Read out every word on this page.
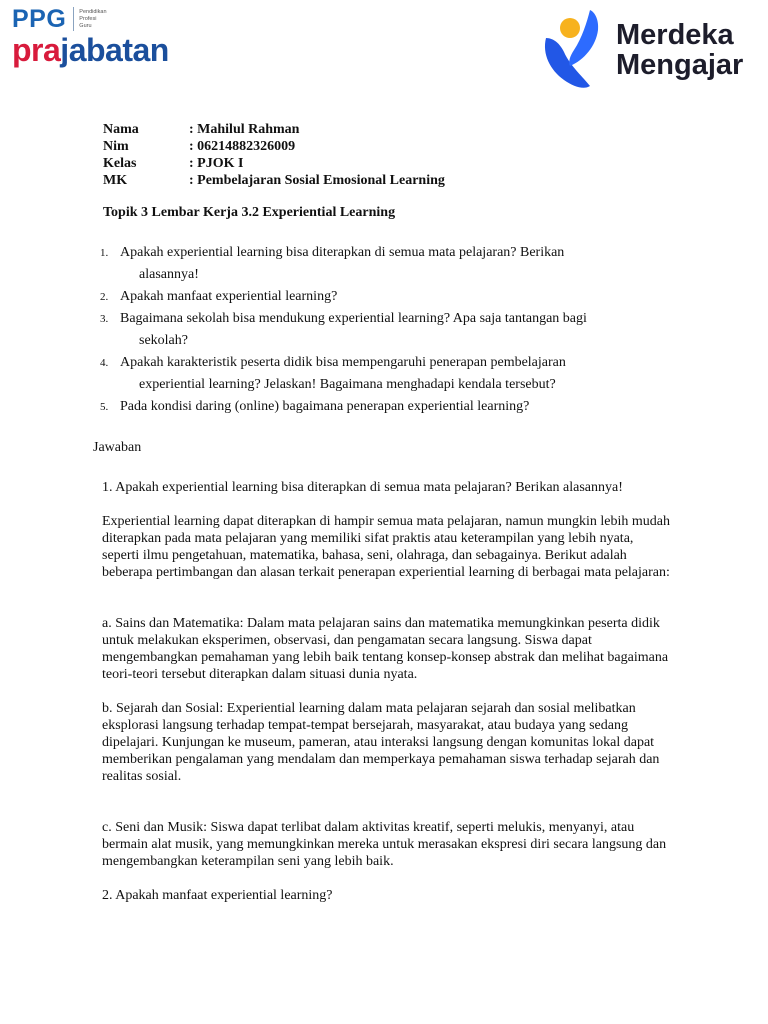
PPG Pendidikan
Profesi
Guru
prajabatan	Merdeka
Mengajar
Nama	: Mahilul Rahman
Nim	: 06214882326009
Kelas	: PJOK I
MK	: Pembelajaran Sosial Emosional Learning
Topik 3 Lembar Kerja 3.2 Experiential Learning
1. Apakah experiential learning bisa diterapkan di semua mata pelajaran? Berikan
alasannya!
2. Apakah manfaat experiential learning?
3. Bagaimana sekolah bisa mendukung experiential learning? Apa saja tantangan bagi
sekolah?
4. Apakah karakteristik peserta didik bisa mempengaruhi penerapan pembelajaran
experiential learning? Jelaskan! Bagaimana menghadapi kendala tersebut?
5. Pada kondisi daring (online) bagaimana penerapan experiential learning?
Jawaban

1. Apakah experiential learning bisa diterapkan di semua mata pelajaran? Berikan alasannya!

Experiential learning dapat diterapkan di hampir semua mata pelajaran, namun mungkin lebih mudah diterapkan pada mata pelajaran yang memiliki sifat praktis atau keterampilan yang lebih nyata, seperti ilmu pengetahuan, matematika, bahasa, seni, olahraga, dan sebagainya. Berikut adalah beberapa pertimbangan dan alasan terkait penerapan experiential learning di berbagai mata pelajaran:

a. Sains dan Matematika: Dalam mata pelajaran sains dan matematika memungkinkan peserta didik untuk melakukan eksperimen, observasi, dan pengamatan secara langsung. Siswa dapat mengembangkan pemahaman yang lebih baik tentang konsep-konsep abstrak dan melihat bagaimana teori-teori tersebut diterapkan dalam situasi dunia nyata.

b. Sejarah dan Sosial: Experiential learning dalam mata pelajaran sejarah dan sosial melibatkan eksplorasi langsung terhadap tempat-tempat bersejarah, masyarakat, atau budaya yang sedang dipelajari. Kunjungan ke museum, pameran, atau interaksi langsung dengan komunitas lokal dapat memberikan pengalaman yang mendalam dan memperkaya pemahaman siswa terhadap sejarah dan realitas sosial.

c. Seni dan Musik: Siswa dapat terlibat dalam aktivitas kreatif, seperti melukis, menyanyi, atau bermain alat musik, yang memungkinkan mereka untuk merasakan ekspresi diri secara langsung dan mengembangkan keterampilan seni yang lebih baik.

2. Apakah manfaat experiential learning?
